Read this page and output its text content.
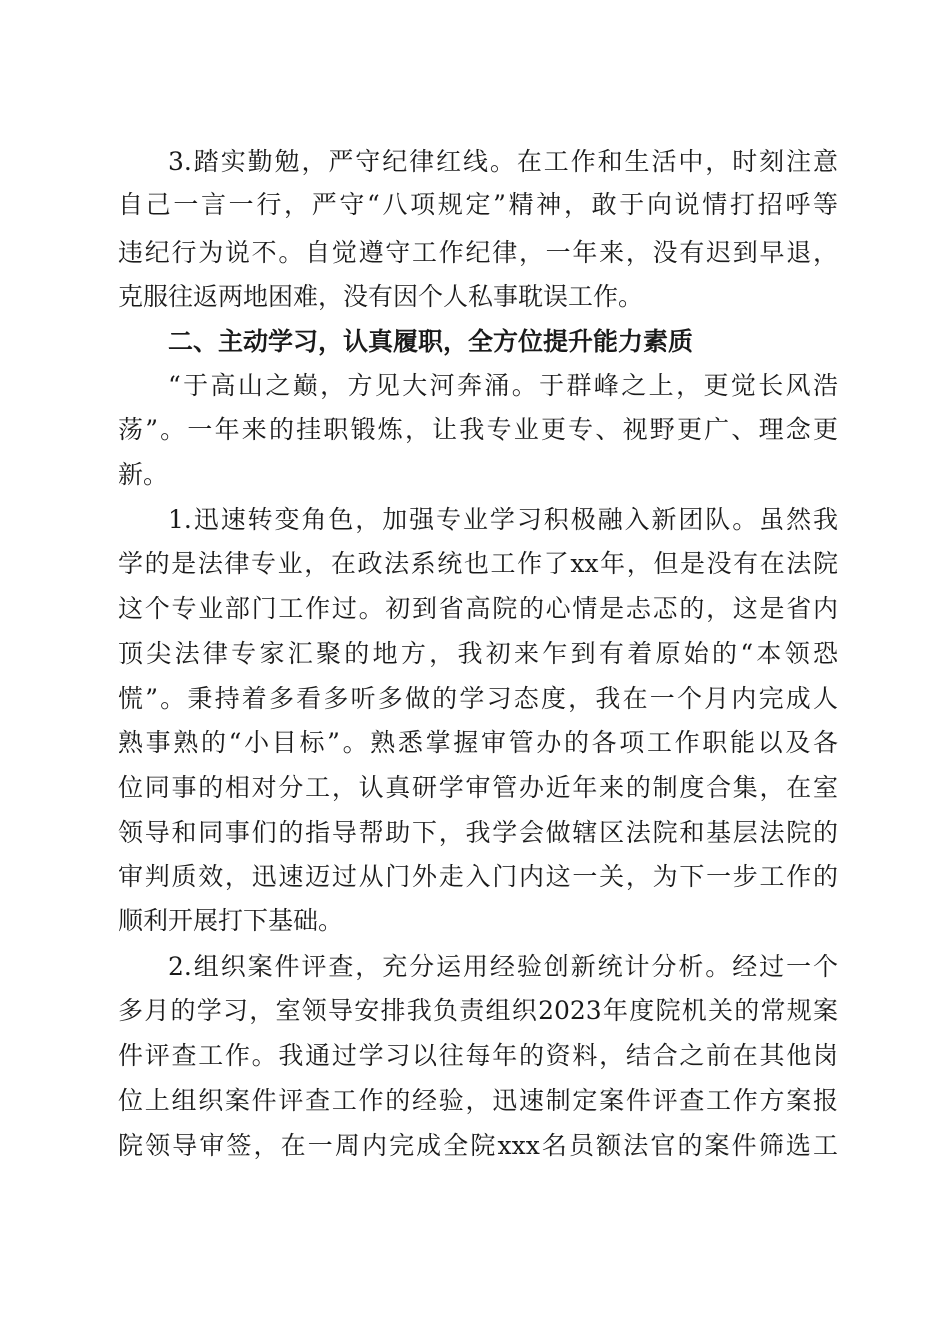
3.踏实勤勉，严守纪律红线。在工作和生活中，时刻注意
自己一言一行，严守“八项规定”精神，敢于向说情打招呼等
违纪行为说不。自觉遵守工作纪律，一年来，没有迟到早退，
克服往返两地困难，没有因个人私事耽误工作。
二、主动学习，认真履职，全方位提升能力素质
“于高山之巅，方见大河奔涌。于群峰之上，更觉长风浩
荡”。一年来的挂职锻炼，让我专业更专、视野更广、理念更
新。
1.迅速转变角色，加强专业学习积极融入新团队。虽然我
学的是法律专业，在政法系统也工作了xx年，但是没有在法院
这个专业部门工作过。初到省高院的心情是忐忑的，这是省内
顶尖法律专家汇聚的地方，我初来乍到有着原始的“本领恐
慌”。秉持着多看多听多做的学习态度，我在一个月内完成人
熟事熟的“小目标”。熟悉掌握审管办的各项工作职能以及各
位同事的相对分工，认真研学审管办近年来的制度合集，在室
领导和同事们的指导帮助下，我学会做辖区法院和基层法院的
审判质效，迅速迈过从门外走入门内这一关，为下一步工作的
顺利开展打下基础。
2.组织案件评查，充分运用经验创新统计分析。经过一个
多月的学习，室领导安排我负责组织2023年度院机关的常规案
件评查工作。我通过学习以往每年的资料，结合之前在其他岗
位上组织案件评查工作的经验，迅速制定案件评查工作方案报
院领导审签，在一周内完成全院xxx名员额法官的案件筛选工
